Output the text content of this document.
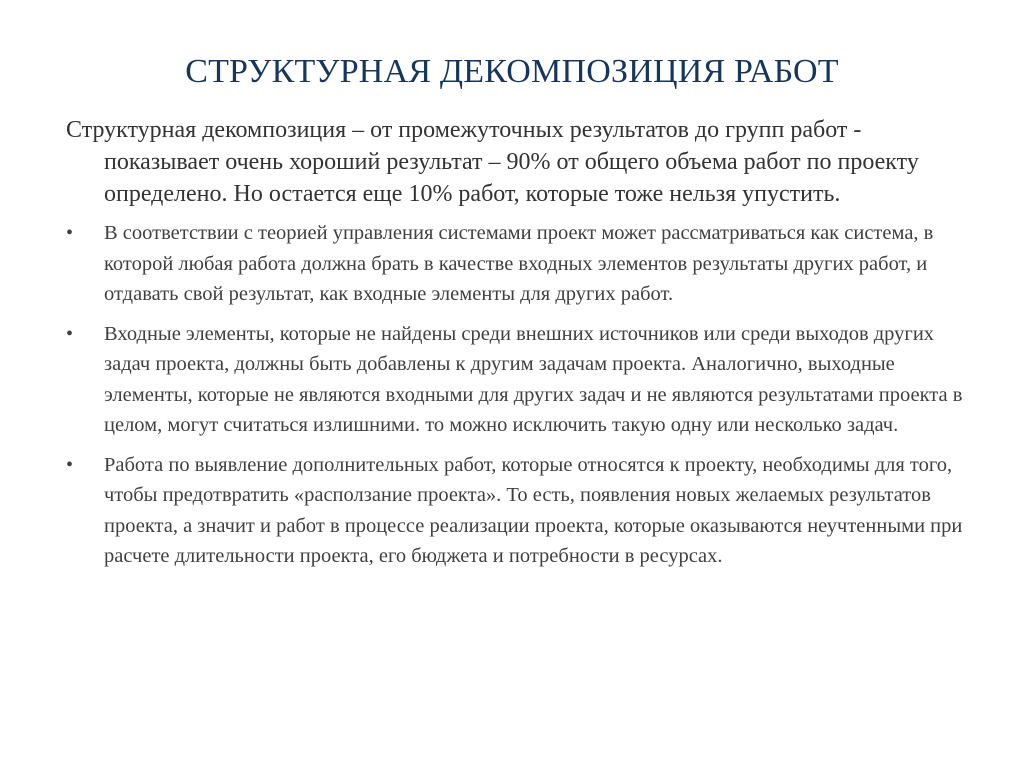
СТРУКТУРНАЯ ДЕКОМПОЗИЦИЯ РАБОТ

Структурная декомпозиция – от промежуточных результатов до групп работ - показывает очень хороший результат – 90% от общего объема работ по проекту определено. Но остается еще 10% работ, которые тоже нельзя упустить.

•	В соответствии с теорией управления системами проект может рассматриваться как система, в которой любая работа должна брать в качестве входных элементов результаты других работ, и отдавать свой результат, как входные элементы для других работ.
•	Входные элементы, которые не найдены среди внешних источников или среди выходов других задач проекта, должны быть добавлены к другим задачам проекта. Аналогично, выходные элементы, которые не являются входными для других задач и не являются результатами проекта в целом, могут считаться излишними. то можно исключить такую одну или несколько задач.
•	Работа по выявление дополнительных работ, которые относятся к проекту, необходимы для того, чтобы предотвратить «расползание проекта». То есть, появления новых желаемых результатов проекта, а значит и работ в процессе реализации проекта, которые оказываются неучтенными при расчете длительности проекта, его бюджета и потребности в ресурсах.
